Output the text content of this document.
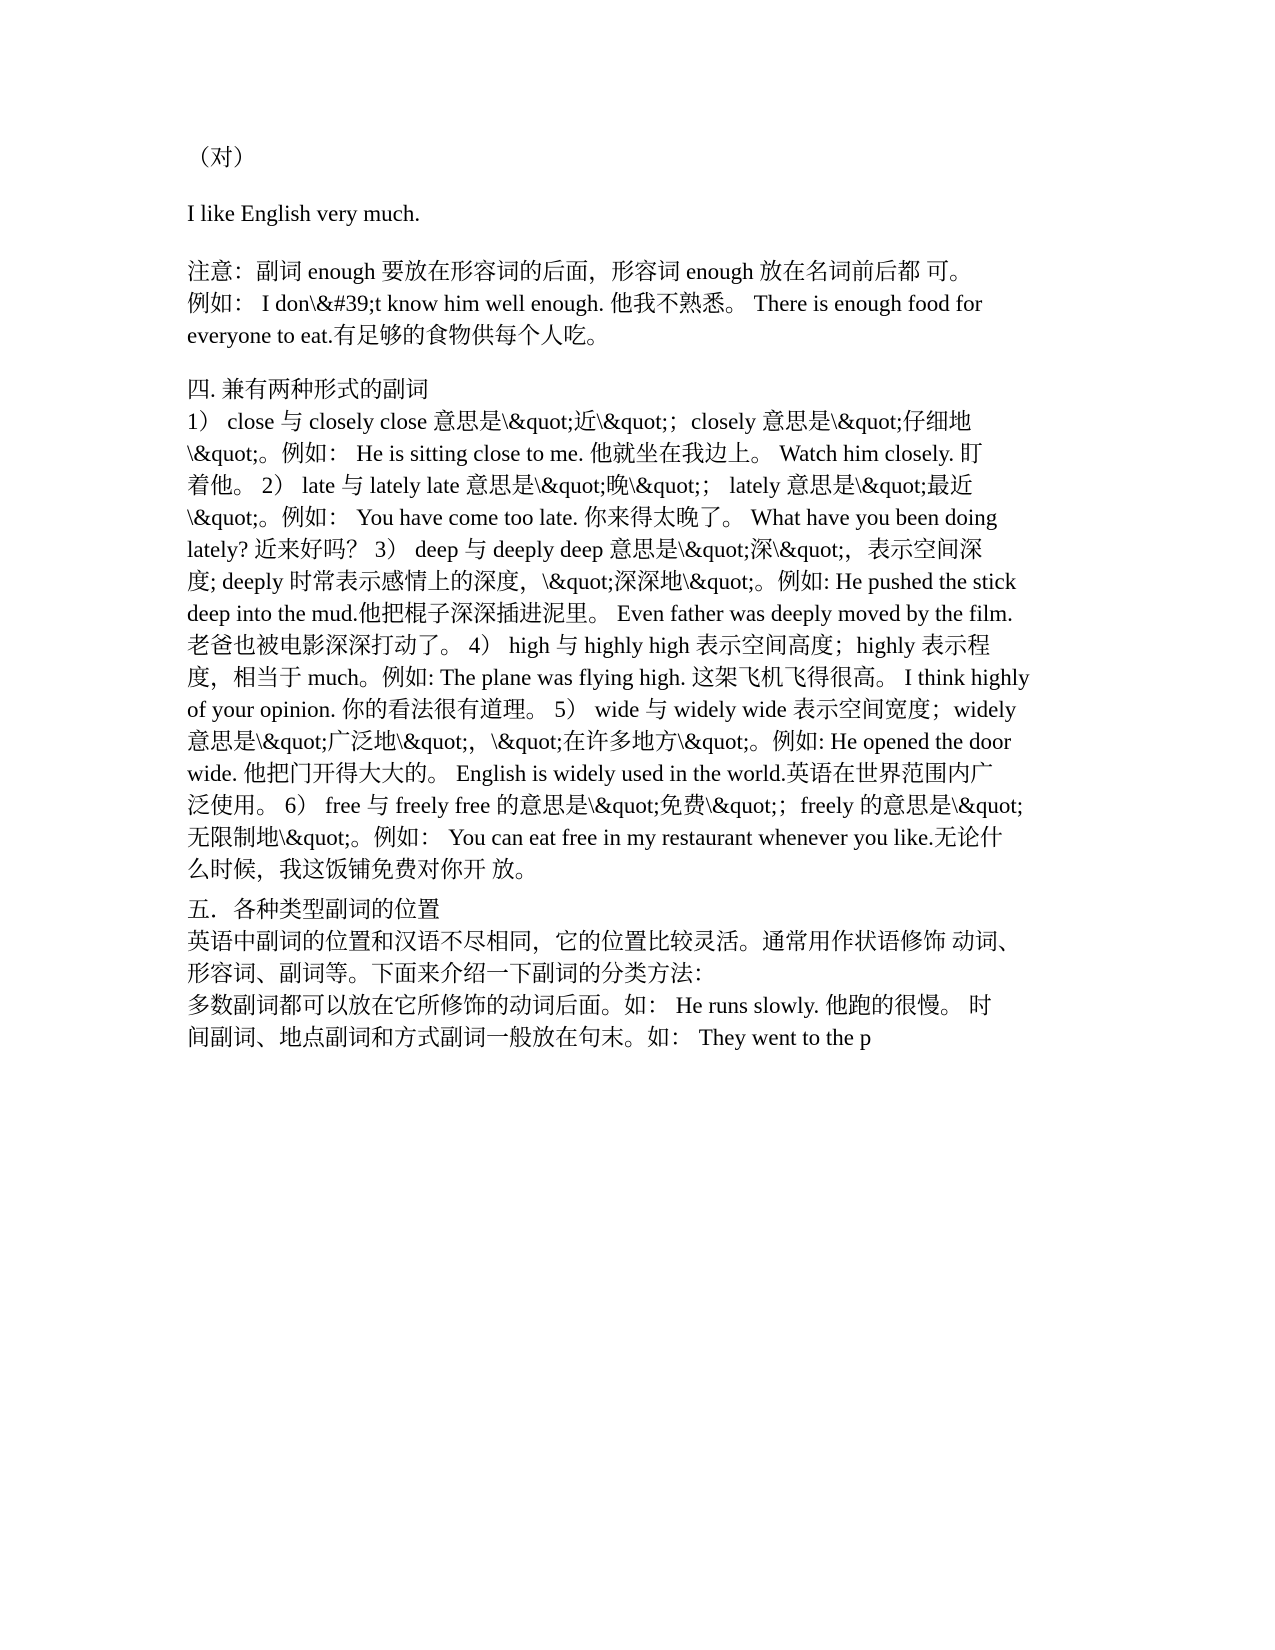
（对）

I like English very much.

注意：副词 enough 要放在形容词的后面，形容词 enough 放在名词前后都 可。
例如： I don\&#39;t know him well enough. 他我不熟悉。 There is enough food for
everyone to eat.有足够的食物供每个人吃。

四. 兼有两种形式的副词
1） close 与 closely close 意思是\&quot;近\&quot;；closely 意思是\&quot;仔细地
\&quot;。例如： He is sitting close to me. 他就坐在我边上。 Watch him closely. 盯
着他。 2） late 与 lately late 意思是\&quot;晚\&quot;； lately 意思是\&quot;最近
\&quot;。例如： You have come too late. 你来得太晚了。 What have you been doing
lately? 近来好吗？ 3） deep 与 deeply deep 意思是\&quot;深\&quot;，表示空间深
度; deeply 时常表示感情上的深度，\&quot;深深地\&quot;。例如: He pushed the stick
deep into the mud.他把棍子深深插进泥里。 Even father was deeply moved by the film.
老爸也被电影深深打动了。 4） high 与 highly high 表示空间高度；highly 表示程
度，相当于 much。例如: The plane was flying high. 这架飞机飞得很高。 I think highly
of your opinion. 你的看法很有道理。 5） wide 与 widely wide 表示空间宽度；widely
意思是\&quot;广泛地\&quot;，\&quot;在许多地方\&quot;。例如: He opened the door
wide. 他把门开得大大的。 English is widely used in the world.英语在世界范围内广
泛使用。 6） free 与 freely free 的意思是\&quot;免费\&quot;；freely 的意思是\&quot;
无限制地\&quot;。例如： You can eat free in my restaurant whenever you like.无论什
么时候，我这饭铺免费对你开 放。
五．各种类型副词的位置
英语中副词的位置和汉语不尽相同，它的位置比较灵活。通常用作状语修饰 动词、
形容词、副词等。下面来介绍一下副词的分类方法：
多数副词都可以放在它所修饰的动词后面。如： He runs slowly. 他跑的很慢。 时
间副词、地点副词和方式副词一般放在句末。如： They went to the p
